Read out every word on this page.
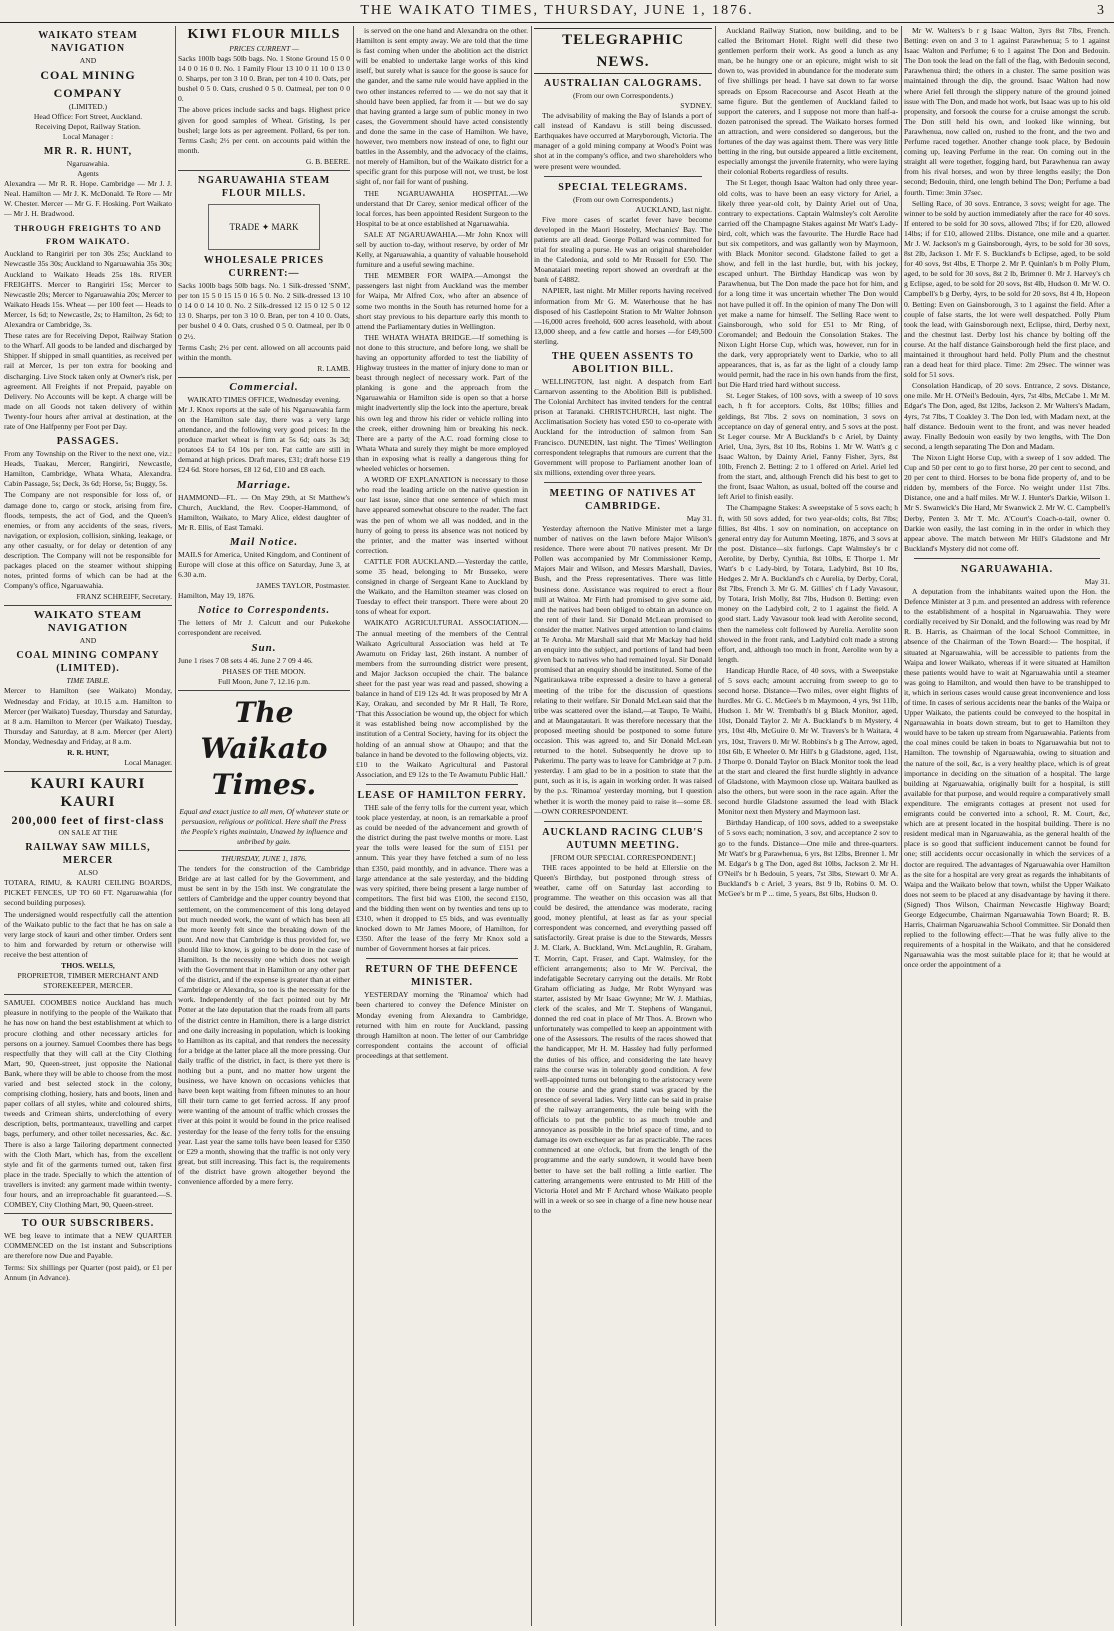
THE WAIKATO TIMES, THURSDAY, JUNE 1, 1876.	3
WAIKATO STEAM NAVIGATION
AND
COAL MINING COMPANY
(LIMITED.)
Head Office: Fort Street, Auckland.
Receiving Depot, Railway Station.
Local Manager :
MR R. R. HUNT,
Ngaruawahia.
Agents

Alexandra — Mr R. R. Hope. Cambridge — Mr J. J. Neal. Hamilton — Mr J. K. McDonald. Te Rore — Mr W. Chester. Mercer — Mr G. F. Hosking. Port Waikato — Mr J. H. Bradwood.

THROUGH FREIGHTS TO AND FROM WAIKATO.

Auckland to Rangiriri per ton 30s 25s; Auckland to Newcastle 35s 30s; Auckland to Ngaruawahia 35s 30s; Auckland to Waikato Heads 25s 18s. RIVER FREIGHTS. Mercer to Rangiriri 15s; Mercer to Newcastle 20s; Mercer to Ngaruawahia 20s; Mercer to Waikato Heads 15s. Wheat — per 100 feet — Heads to Mercer, 1s 6d; to Newcastle, 2s; to Hamilton, 2s 6d; to Alexandra or Cambridge, 3s.

These rates are for Receiving Depot, Railway Station to the Wharf. All goods to be landed and discharged by Shipper. If shipped in small quantities, as received per rail at Mercer, 1s per ton extra for booking and discharging. Live Stock taken only at Owner's risk, per agreement. All Freights if not Prepaid, payable on Delivery. No Accounts will be kept. A charge will be made on all Goods not taken delivery of within Twenty-four hours after arrival at destination, at the rate of One Halfpenny per Foot per Day.

PASSAGES.

From any Township on the River to the next one, viz.: Heads, Tuakau, Mercer, Rangiriri, Newcastle, Hamilton, Cambridge, Whata Whata, Alexandra. Cabin Passage, 5s; Deck, 3s 6d; Horse, 5s; Buggy, 5s.

The Company are not responsible for loss of, or damage done to, cargo or stock, arising from fire, floods, tempests, the act of God, and the Queen's enemies, or from any accidents of the seas, rivers, navigation, or explosion, collision, sinking, leakage, or any other casualty, or for delay or detention of any description. The Company will not be responsible for packages placed on the steamer without shipping notes, printed forms of which can be had at the Company's office, Ngaruawahia.

FRANZ SCHREIFF, Secretary.
WAIKATO STEAM NAVIGATION
AND
COAL MINING COMPANY (LIMITED).
TIME TABLE.

Mercer to Hamilton (see Waikato) Monday, Wednesday and Friday, at 10.15 a.m. Hamilton to Mercer (per Waikato) Tuesday, Thursday and Saturday, at 8 a.m. Hamilton to Mercer (per Waikato) Tuesday, Thursday and Saturday, at 8 a.m. Mercer (per Alert) Monday, Wednesday and Friday, at 8 a.m.

R. R. HUNT,
Local Manager.
KAURI KAURI KAURI
200,000 feet of first-class
ON SALE AT THE
RAILWAY SAW MILLS, MERCER
ALSO

TOTARA, RIMU, & KAURI CEILING BOARDS, PICKET FENCES, UP TO 60 FT. Ngaruawahia (for second building purposes).

The undersigned would respectfully call the attention of the Waikato public to the fact that he has on sale a very large stock of kauri and other timber. Orders sent to him and forwarded by return or otherwise will receive the best attention of

THOS. WELLS,
PROPRIETOR, TIMBER MERCHANT AND STOREKEEPER, MERCER.

SAMUEL COOMBES notice Auckland has much pleasure in notifying to the people of the Waikato that he has now on hand the best establishment at which to procure clothing and other necessary articles for persons on a journey. Samuel Coombes there has begs respectfully that they will call at the City Clothing Mart, 90, Queen-street, just opposite the National Bank, where they will be able to choose from the most varied and best selected stock in the colony, comprising clothing, hosiery, hats and boots, linen and paper collars of all styles, white and coloured shirts, tweeds and Crimean shirts, underclothing of every description, belts, portmanteaux, travelling and carpet bags, perfumery, and other toilet necessaries, &c. &c. There is also a large Tailoring department connected with the Cloth Mart, which has, from the excellent style and fit of the garments turned out, taken first place in the trade. Specially to which the attention of travellers is invited: any garment made within twenty-four hours, and an irreproachable fit guaranteed.—S. COMBEY, City Clothing Mart, 90, Queen-street.

TO OUR SUBSCRIBERS.

WE beg leave to intimate that a NEW QUARTER COMMENCED on the 1st instant and Subscriptions are therefore now Due and Payable.

Terms: Six shillings per Quarter (post paid), or £1 per Annum (in Advance).

KIWI FLOUR MILLS
PRICES CURRENT —

Sacks 100lb bags 50lb bags. No. 1 Stone Ground 15 0 0 14 0 0 16 0 0. No. 1 Family Flour 13 10 0 11 10 0 13 0 0. Sharps, per ton 3 10 0. Bran, per ton 4 10 0. Oats, per bushel 0 5 0. Oats, crushed 0 5 0. Oatmeal, per ton 0 0 0.

The above prices include sacks and bags. Highest price given for good samples of Wheat. Gristing, 1s per bushel; large lots as per agreement. Pollard, 6s per ton. Terms Cash; 2½ per cent. on accounts paid within the month.

G. B. BEERE.
NGARUAWAHIA STEAM FLOUR MILLS.
TRADE ✦ MARK
WHOLESALE PRICES CURRENT:—

Sacks 100lb bags 50lb bags. No. 1 Silk-dressed 'SNM', per ton 15 5 0 15 15 0 16 5 0. No. 2 Silk-dressed 13 10 0 14 0 0 14 10 0. No. 2 Silk-dressed 12 15 0 12 5 0 12 13 0. Sharps, per ton 3 10 0. Bran, per ton 4 10 0. Oats, per bushel 0 4 0. Oats, crushed 0 5 0. Oatmeal, per lb 0 0 2½.

Terms Cash; 2½ per cent. allowed on all accounts paid within the month.

R. LAMB.
Commercial.
WAIKATO TIMES OFFICE, Wednesday evening.

Mr J. Knox reports at the sale of his Ngaruawahia farm on the Hamilton sale day, there was a very large attendance, and the following very good prices: In the produce market wheat is firm at 5s 6d; oats 3s 3d; potatoes £4 to £4 10s per ton. Fat cattle are still in demand at high prices. Draft mares, £31; draft horse £19 £24 6d. Store horses, £8 12 6d, £10 and £8 each.

Marriage.

HAMMOND—FL. — On May 29th, at St Matthew's Church, Auckland, the Rev. Cooper-Hammond, of Hamilton, Waikato, to Mary Alice, eldest daughter of Mr R. Ellis, of East Tamaki.

Mail Notice.

MAILS for America, United Kingdom, and Continent of Europe will close at this office on Saturday, June 3, at 6.30 a.m.

JAMES TAYLOR, Postmaster.
Hamilton, May 19, 1876.
Notice to Correspondents.

The letters of Mr J. Calcutt and our Pukekohe correspondent are received.

Sun.

June 1 rises 7 08 sets 4 46. June 2 7 09 4 46.

PHASES OF THE MOON.
Full Moon, June 7, 12.16 p.m.
The Waikato Times.

Equal and exact justice to all men, Of whatever state or persuasion, religious or political. Here shall the Press the People's rights maintain, Unawed by influence and unbribed by gain.

THURSDAY, JUNE 1, 1876.

The tenders for the construction of the Cambridge Bridge are at last called for by the Government, and must be sent in by the 15th inst. We congratulate the settlers of Cambridge and the upper country beyond that settlement, on the commencement of this long delayed but much needed work, the want of which has been all the more keenly felt since the breaking down of the punt. And now that Cambridge is thus provided for, we should like to know, is going to be done in the case of Hamilton. Is the necessity one which does not weigh with the Government that in Hamilton or any other part of the district, and if the expense is greater than at either Cambridge or Alexandra, so too is the necessity for the work. Independently of the fact pointed out by Mr Potter at the late deputation that the roads from all parts of the district centre in Hamilton, there is a large district and one daily increasing in population, which is looking to Hamilton as its capital, and that renders the necessity for a bridge at the latter place all the more pressing. Our daily traffic of the district, in fact, is there yet there is nothing but a punt, and no matter how urgent the business, we have known on occasions vehicles that have been kept waiting from fifteen minutes to an hour till their turn came to get ferried across. If any proof were wanting of the amount of traffic which crosses the river at this point it would be found in the price realised yesterday for the lease of the ferry tolls for the ensuing year. Last year the same tolls have been leased for £350 or £29 a month, showing that the traffic is not only very great, but still increasing. This fact is, the requirements of the district have grown altogether beyond the convenience afforded by a mere ferry.

is served on the one hand and Alexandra on the other. Hamilton is sent empty away. We are told that the time is fast coming when under the abolition act the district will be enabled to undertake large works of this kind itself, but surely what is sauce for the goose is sauce for the gander, and the same rule would have applied in the two other instances referred to — we do not say that it should have been applied, far from it — but we do say that having granted a large sum of public money in two cases, the Government should have acted consistently and done the same in the case of Hamilton. We have, however, two members now instead of one, to fight our battles in the Assembly, and the advocacy of the claims, not merely of Hamilton, but of the Waikato district for a specific grant for this purpose will not, we trust, be lost sight of, nor fail for want of pushing.

THE NGARUAWAHIA HOSPITAL.—We understand that Dr Carey, senior medical officer of the local forces, has been appointed Resident Surgeon to the Hospital to be at once established at Ngaruawahia.

SALE AT NGARUAWAHIA.—Mr John Knox will sell by auction to-day, without reserve, by order of Mr Kelly, at Ngaruawahia, a quantity of valuable household furniture and a useful sewing machine.

THE MEMBER FOR WAIPA.—Amongst the passengers last night from Auckland was the member for Waipa, Mr Alfred Cox, who after an absence of some two months in the South has returned home for a short stay previous to his departure early this month to attend the Parliamentary duties in Wellington.

THE WHATA WHATA BRIDGE.—If something is not done to this structure, and before long, we shall be having an opportunity afforded to test the liability of Highway trustees in the matter of injury done to man or beast through neglect of necessary work. Part of the planking is gone and the approach from the Ngaruawahia or Hamilton side is open so that a horse might inadvertently slip the lock into the aperture, break his own leg and throw his rider or vehicle rolling into the creek, either drowning him or breaking his neck. There are a party of the A.C. road forming close to Whata Whata and surely they might be more employed than in exposing what is really a dangerous thing for wheeled vehicles or horsemen.

A WORD OF EXPLANATION is necessary to those who read the leading article on the native question in our last issue, since that one sentence of which must have appeared somewhat obscure to the reader. The fact was the pen of whom we all was nodded, and in the hurry of going to press its absence was not noticed by the printer, and the matter was inserted without correction.

CATTLE FOR AUCKLAND.—Yesterday the cattle, some 35 head, belonging to Mr Busseko, were consigned in charge of Sergeant Kane to Auckland by the Waikato, and the Hamilton steamer was closed on Tuesday to effect their transport. There were about 20 tons of wheat for export.

WAIKATO AGRICULTURAL ASSOCIATION.—The annual meeting of the members of the Central Waikato Agricultural Association was held at Te Awamutu on Friday last, 26th instant. A number of members from the surrounding district were present, and Major Jackson occupied the chair. The balance sheet for the past year was read and passed, showing a balance in hand of £19 12s 4d. It was proposed by Mr A Kay, Orakau, and seconded by Mr R Hall, Te Rore, 'That this Association be wound up, the object for which it was established being now accomplished by the institution of a Central Society, having for its object the holding of an annual show at Ohaupo; and that the balance in hand be devoted to the following objects, viz. £10 to the Waikato Agricultural and Pastoral Association, and £9 12s to the Te Awamutu Public Hall.'

LEASE OF HAMILTON FERRY.

THE sale of the ferry tolls for the current year, which took place yesterday, at noon, is an remarkable a proof as could be needed of the advancement and growth of the district during the past twelve months or more. Last year the tolls were leased for the sum of £151 per annum. This year they have fetched a sum of no less than £350, paid monthly, and in advance. There was a large attendance at the sale yesterday, and the bidding was very spirited, there being present a large number of competitors. The first bid was £100, the second £150, and the bidding then went on by twenties and tens up to £310, when it dropped to £5 bids, and was eventually knocked down to Mr James Moore, of Hamilton, for £350. After the lease of the ferry Mr Knox sold a number of Government horses at fair prices.

RETURN OF THE DEFENCE MINISTER.

YESTERDAY morning the 'Rinamoa' which had been chartered to convey the Defence Minister on Monday evening from Alexandra to Cambridge, returned with him en route for Auckland, passing through Hamilton at noon. The letter of our Cambridge correspondent contains the account of official proceedings at that settlement.

TELEGRAPHIC NEWS.
AUSTRALIAN CALOGRAMS.
(From our own Correspondents.)
SYDNEY.

The advisability of making the Bay of Islands a port of call instead of Kandavu is still being discussed. Earthquakes have occurred at Maryborough, Victoria. The manager of a gold mining company at Wood's Point was shot at in the company's office, and two shareholders who were present were wounded.

SPECIAL TELEGRAMS.
(From our own Correspondents.)
AUCKLAND, last night.

Five more cases of scarlet fever have become developed in the Maori Hostelry, Mechanics' Bay. The patients are all dead. George Pollard was committed for trial for stealing a purse. He was an original shareholder in the Caledonia, and sold to Mr Russell for £50. The Moanataiari meeting report showed an overdraft at the bank of £4882.

NAPIER, last night. Mr Miller reports having received information from Mr G. M. Waterhouse that he has disposed of his Castlepoint Station to Mr Walter Johnson—16,000 acres freehold, 600 acres leasehold, with about 13,000 sheep, and a few cattle and horses —for £49,500 sterling.

THE QUEEN ASSENTS TO ABOLITION BILL.

WELLINGTON, last night. A despatch from Earl Carnarvon assenting to the Abolition Bill is published. The Colonial Architect has invited tenders for the central prison at Taranaki. CHRISTCHURCH, last night. The Acclimatisation Society has voted £50 to co-operate with Auckland for the introduction of salmon from San Francisco. DUNEDIN, last night. The 'Times' Wellington correspondent telegraphs that rumours are current that the Government will propose to Parliament another loan of six millions, extending over three years.

MEETING OF NATIVES AT CAMBRIDGE.
May 31.

Yesterday afternoon the Native Minister met a large number of natives on the lawn before Major Wilson's residence. There were about 70 natives present. Mr Dr Pollen was accompanied by Mr Commissioner Kemp, Majors Mair and Wilson, and Messrs Marshall, Davies, Bush, and the Press representatives. There was little business done. Assistance was required to erect a flour mill at Waitoa. Mr Firth had promised to give some aid, and the natives had been obliged to obtain an advance on the rent of their land. Sir Donald McLean promised to consider the matter. Natives urged attention to land claims at Te Aroha. Mr Marshall said that Mr Mackay had held an enquiry into the subject, and portions of land had been given back to natives who had remained loyal. Sir Donald promised that an enquiry should be instituted. Some of the Ngatiraukawa tribe expressed a desire to have a general meeting of the tribe for the discussion of questions relating to their welfare. Sir Donald McLean said that the tribe was scattered over the island,—at Taupo, Te Waihi, and at Maungatautari. It was therefore necessary that the proposed meeting should be postponed to some future occasion. This was agreed to, and Sir Donald McLean returned to the hotel. Subsequently he drove up to Pukerimu. The party was to leave for Cambridge at 7 p.m. yesterday. I am glad to be in a position to state that the punt, such as it is, is again in working order. It was raised by the p.s. 'Rinamoa' yesterday morning, but I question whether it is worth the money paid to raise it—some £8.—OWN CORRESPONDENT.

AUCKLAND RACING CLUB'S AUTUMN MEETING.
[FROM OUR SPECIAL CORRESPONDENT.]

THE races appointed to be held at Ellerslie on the Queen's Birthday, but postponed through stress of weather, came off on Saturday last according to programme. The weather on this occasion was all that could be desired, the attendance was moderate, racing good, money plentiful, at least as far as your special correspondent was concerned, and everything passed off satisfactorily. Great praise is due to the Stewards, Messrs J. M. Clark, A. Buckland, Wm. McLaughlin, R. Graham, T. Morrin, Capt. Fraser, and Capt. Walmsley, for the efficient arrangements; also to Mr W. Percival, the indefatigable Secretary carrying out the details. Mr Robt Graham officiating as Judge, Mr Robt Wynyard was starter, assisted by Mr Isaac Gwynne; Mr W. J. Mathias, clerk of the scales, and Mr T. Stephens of Wanganui, donned the red coat in place of Mr Thos. A. Brown who unfortunately was compelled to keep an appointment with one of the Assessors. The results of the races showed that the handicapper, Mr H. M. Hassley had fully performed the duties of his office, and considering the late heavy rains the course was in tolerably good condition. A few well-appointed turns out belonging to the aristocracy were on the course and the grand stand was graced by the presence of several ladies. Very little can be said in praise of the railway arrangements, the rule being with the officials to put the public to as much trouble and annoyance as possible in the brief space of time, and to damage its own exchequer as far as practicable. The races commenced at one o'clock, but from the length of the programme and the early sundown, it would have been better to have set the ball rolling a little earlier. The cattering arrangements were entrusted to Mr Hill of the Victoria Hotel and Mr F Archard whose Waikato people will in a week or so see in charge of a fine new house near to the

Auckland Railway Station, now building, and to be called the Britomart Hotel. Right well did these two gentlemen perform their work. As good a lunch as any man, be he hungry one or an epicure, might wish to sit down to, was provided in abundance for the moderate sum of five shillings per head. I have sat down to far worse spreads on Epsom Racecourse and Ascot Heath at the same figure. But the gentlemen of Auckland failed to support the caterers, and I suppose not more than half-a-dozen patronised the spread. The Waikato horses formed an attraction, and were considered so dangerous, but the fortunes of the day was against them. There was very little betting in the ring, but outside appeared a little excitement, especially amongst the juvenile fraternity, who were laying their colonial Roberts regardless of results.

The St Leger, though Isaac Walton had only three year-old colts, was to have been an easy victory for Ariel, a likely three year-old colt, by Dainty Ariel out of Una, contrary to expectations. Captain Walmsley's colt Aerolite carried off the Champagne Stakes against Mr Watt's Lady-bird, colt, which was the favourite. The Hurdle Race had but six competitors, and was gallantly won by Maymoon, with Black Monitor second. Gladstone failed to get a show, and fell in the last hurdle, but, with his jockey, escaped unhurt. The Birthday Handicap was won by Parawhenua, but The Don made the pace hot for him, and for a long time it was uncertain whether The Don would not have pulled it off. In the opinion of many The Don will yet make a name for himself. The Selling Race went to Gainsborough, who sold for £51 to Mr Ring, of Coromandel; and Bedouin the Consolation Stakes. The Nixon Light Horse Cup, which was, however, run for in the dark, very appropriately went to Darkie, who to all appearances, that is, as far as the light of a cloudy lamp would permit, had the race in his own hands from the first, but Die Hard tried hard without success.

St. Leger Stakes, of 100 sovs, with a sweep of 10 sovs each, h ft for acceptors. Colts, 8st 10lbs; fillies and geldings, 8st 7lbs. 2 sovs on nomination, 3 sovs on acceptance on day of general entry, and 5 sovs at the post. St Leger course. Mr A Buckland's b c Ariel, by Dainty Ariel, Una, 3yrs, 8st 10 lbs, Robins 1. Mr W. Watt's g c Isaac Walton, by Dainty Ariel, Fanny Fisher, 3yrs, 8st 10lb, French 2. Betting: 2 to 1 offered on Ariel. Ariel led from the start, and, although French did his best to get to the front, Isaac Walton, as usual, bolted off the course and left Ariel to finish easily.

The Champagne Stakes: A sweepstake of 5 sovs each; h ft, with 50 sovs added, for two year-olds; colts, 8st 7lbs; fillies, 8st 4lbs. 1 sov on nomination, on acceptance on general entry day for Autumn Meeting, 1876, and 3 sovs at the post. Distance—six furlongs. Capt Walmsley's br c Aerolite, by Derby, Cynthia, 8st 10lbs, E Thorpe 1. Mr Watt's b c Lady-bird, by Totara, Ladybird, 8st 10 lbs, Hedges 2. Mr A. Buckland's ch c Aurelia, by Derby, Coral, 8st 7lbs, French 3. Mr G. M. Gillies' ch f Lady Vavasour, by Totara, Irish Molly, 8st 7lbs, Hudson 0. Betting: even money on the Ladybird colt, 2 to 1 against the field. A good start. Lady Vavasour took lead with Aerolite second, then the nameless colt followed by Aurelia. Aerolite soon showed in the front rank, and Ladybird colt made a strong effort, and, although too much in front, Aerolite won by a length.

Handicap Hurdle Race, of 40 sovs, with a Sweepstake of 5 sovs each; amount accruing from sweep to go to second horse. Distance—Two miles, over eight flights of hurdles. Mr G. C. McGee's b m Maymoon, 4 yrs, 9st 11lb, Hudson 1. Mr W. Trembath's bl g Black Monitor, aged, 10st, Donald Taylor 2. Mr A. Buckland's b m Mystery, 4 yrs, 10st 4lb, McGuire 0. Mr W. Travers's br h Waitara, 4 yrs, 10st, Travers 0. Mr W. Robbins's b g The Arrow, aged, 10st 6lb, E Wheeler 0. Mr Hill's b g Gladstone, aged, 11st, J Thorpe 0. Donald Taylor on Black Monitor took the lead at the start and cleared the first hurdle slightly in advance of Gladstone, with Maymoon close up. Waitara baulked as also the others, but were soon in the race again. After the second hurdle Gladstone assumed the lead with Black Monitor next then Mystery and Maymoon last.

Birthday Handicap, of 100 sovs, added to a sweepstake of 5 sovs each; nomination, 3 sov, and acceptance 2 sov to go to the funds. Distance—One mile and three-quarters. Mr Watt's br g Parawhenua, 6 yrs, 8st 12lbs, Brenner 1. Mr M. Edgar's b g The Don, aged 8st 10lbs, Jackson 2. Mr H. O'Neil's br h Bedouin, 5 years, 7st 3lbs, Stewart 0. Mr A. Buckland's b c Ariel, 3 years, 8st 9 lb, Robins 0. M. O. McGee's br m P ... time, 5 years, 8st 6lbs, Hudson 0.

Mr W. Walters's b r g Isaac Walton, 3yrs 8st 7lbs, French. Betting: even on and 3 to 1 against Parawhenua; 5 to 1 against Isaac Walton and Perfume; 6 to 1 against The Don and Bedouin. The Don took the lead on the fall of the flag, with Bedouin second, Parawhenua third; the others in a cluster. The same position was maintained through the dip, the ground. Isaac Walton had now where Ariel fell through the slippery nature of the ground joined issue with The Don, and made hot work, but Isaac was up to his old propensity, and forsook the course for a cruise amongst the scrub. The Don still held his own, and looked like winning, but Parawhenua, now called on, rushed to the front, and the two and Perfume raced together. Another change took place, by Bedouin coming up, leaving Perfume in the rear. On coming out in the straight all were together, fogging hard, but Parawhenua ran away from his rival horses, and won by three lengths easily; the Don second; Bedouin, third, one length behind The Don; Perfume a bad fourth. Time: 3min 37sec.

Selling Race, of 30 sovs. Entrance, 3 sovs; weight for age. The winner to be sold by auction immediately after the race for 40 sovs. If entered to be sold for 30 sovs, allowed 7lbs; if for £20, allowed 14lbs; if for £10, allowed 21lbs. Distance, one mile and a quarter. Mr J. W. Jackson's m g Gainsborough, 4yrs, to be sold for 30 sovs, 8st 2lb, Jackson 1. Mr F. S. Buckland's b Eclipse, aged, to be sold for 40 sovs, 9st 4lbs, E Thorpe 2. Mr P. Quinlan's b m Polly Plum, aged, to be sold for 30 sovs, 8st 2 lb, Brimner 0. Mr J. Harvey's ch g Eclipse, aged, to be sold for 20 sovs, 8st 4lb, Hudson 0. Mr W. O. Campbell's b g Derby, 4yrs, to be sold for 20 sovs, 8st 4 lb, Hopeon 0. Betting: Even on Gainsborough, 3 to 1 against the field. After a couple of false starts, the lot were well despatched. Polly Plum took the lead, with Gainsborough next, Eclipse, third, Derby next, and the chestnut last. Derby lost his chance by bolting off the course. At the half distance Gainsborough held the first place, and maintained it throughout hard held. Polly Plum and the chestnut ran a dead heat for third place. Time: 2m 29sec. The winner was sold for 51 sovs.

Consolation Handicap, of 20 sovs. Entrance, 2 sovs. Distance, one mile. Mr H. O'Neil's Bedouin, 4yrs, 7st 4lbs, McCabe 1. Mr M. Edgar's The Don, aged, 8st 12lbs, Jackson 2. Mr Walters's Madam, 4yrs, 7st 7lbs, T Coakley 3. The Don led, with Madam next, at the half distance. Bedouin went to the front, and was never headed away. Finally Bedouin won easily by two lengths, with The Don second, a length separating The Don and Madam.

The Nixon Light Horse Cup, with a sweep of 1 sov added. The Cup and 50 per cent to go to first horse, 20 per cent to second, and 20 per cent to third. Horses to be bona fide property of, and to be ridden by, members of the Force. No weight under 11st 7lbs. Distance, one and a half miles. Mr W. J. Hunter's Darkie, Wilson 1. Mr S. Swanwick's Die Hard, Mr Swanwick 2. Mr W. C. Campbell's Derby, Penten 3. Mr T. Mc. A'Court's Coach-o-tail, owner 0. Darkie won easily, the last coming in in the order in which they appear above. The match between Mr Hill's Gladstone and Mr Buckland's Mystery did not come off.

NGARUAWAHIA.
May 31.

A deputation from the inhabitants waited upon the Hon. the Defence Minister at 3 p.m. and presented an address with reference to the establishment of a hospital in Ngaruawahia. They were cordially received by Sir Donald, and the following was read by Mr R. B. Harris, as Chairman of the local School Committee, in absence of the Chairman of the Town Board:— The hospital, if situated at Ngaruawahia, will be accessible to patients from the Waipa and lower Waikato, whereas if it were situated at Hamilton these patients would have to wait at Ngaruawahia until a steamer was going to Hamilton, and would then have to be transhipped to it, which in serious cases would cause great inconvenience and loss of time. In cases of serious accidents near the banks of the Waipa or Upper Waikato, the patients could be conveyed to the hospital in Ngaruawahia in boats down stream, but to get to Hamilton they would have to be taken up stream from Ngaruawahia. Patients from the coal mines could be taken in boats to Ngaruawahia but not to Hamilton. The township of Ngaruawahia, owing to situation and the nature of the soil, &c, is a very healthy place, which is of great importance in deciding on the situation of a hospital. The large building at Ngaruawahia, originally built for a hospital, is still available for that purpose, and would require a comparatively small expenditure. The emigrants cottages at present not used for emigrants could be converted into a school, R. M. Court, &c, which are at present located in the hospital building. There is no resident medical man in Ngaruawahia, as the general health of the place is so good that sufficient inducement cannot be found for one; still accidents occur occasionally in which the services of a doctor are required. The advantages of Ngaruawahia over Hamilton as the site for a hospital are very great as regards the inhabitants of Waipa and the Waikato below that town, whilst the Upper Waikato does not seem to be placed at any disadvantage by having it there. (Signed) Thos Wilson, Chairman Newcastle Highway Board; George Edgecumbe, Chairman Ngaruawahia Town Board; R. B. Harris, Chairman Ngaruawahia School Committee. Sir Donald then replied to the following effect:—That he was fully alive to the requirements of a hospital in the Waikato, and that he considered Ngaruawahia was the most suitable place for it; that he would at once order the appointment of a
